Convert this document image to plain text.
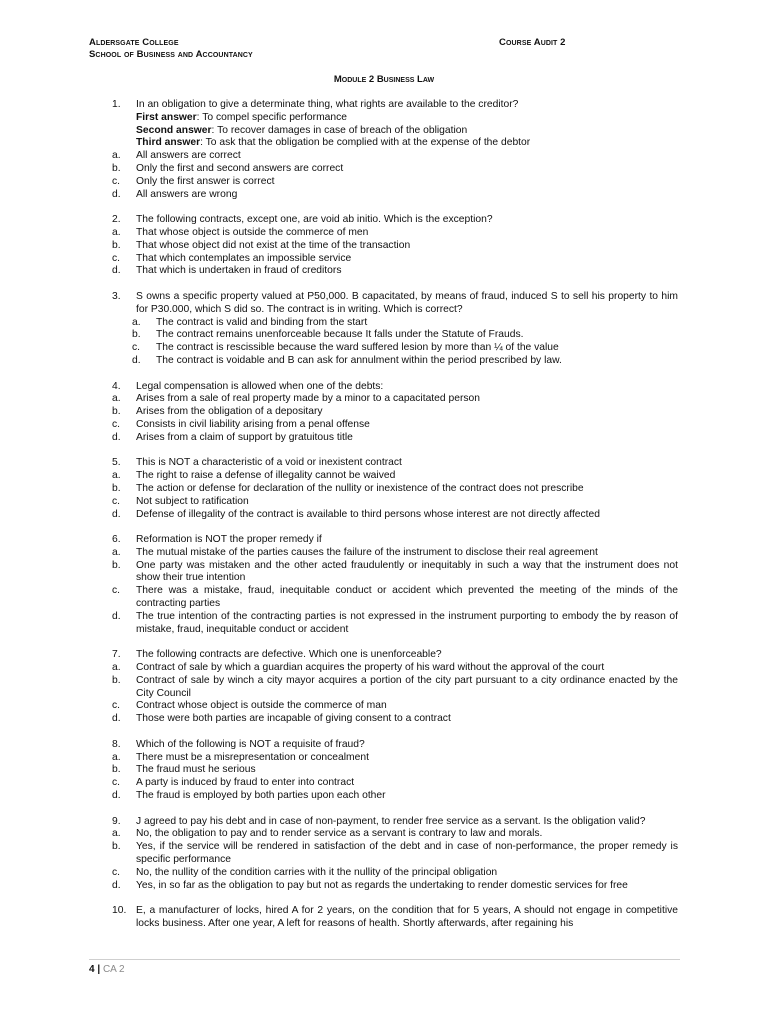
Aldersgate College
School of Business and Accountancy
Course Audit 2
Module 2 Business Law
1.	In an obligation to give a determinate thing, what rights are available to the creditor?
First answer: To compel specific performance
Second answer: To recover damages in case of breach of the obligation
Third answer: To ask that the obligation be complied with at the expense of the debtor
a.	All answers are correct
b.	Only the first and second answers are correct
c.	Only the first answer is correct
d.	All answers are wrong
2.	The following contracts, except one, are void ab initio. Which is the exception?
a.	That whose object is outside the commerce of men
b.	That whose object did not exist at the time of the transaction
c.	That which contemplates an impossible service
d.	That which is undertaken in fraud of creditors
3.	S owns a specific property valued at P50,000. B capacitated, by means of fraud, induced S to sell his property to him for P30.000, which S did so. The contract is in writing. Which is correct?
a.	The contract is valid and binding from the start
b.	The contract remains unenforceable because It falls under the Statute of Frauds.
c.	The contract is rescissible because the ward suffered lesion by more than ¼ of the value
d.	The contract is voidable and B can ask for annulment within the period prescribed by law.
4.	Legal compensation is allowed when one of the debts:
a.	Arises from a sale of real property made by a minor to a capacitated person
b.	Arises from the obligation of a depositary
c.	Consists in civil liability arising from a penal offense
d.	Arises from a claim of support by gratuitous title
5.	This is NOT a characteristic of a void or inexistent contract
a.	The right to raise a defense of illegality cannot be waived
b.	The action or defense for declaration of the nullity or inexistence of the contract does not prescribe
c.	Not subject to ratification
d.	Defense of illegality of the contract is available to third persons whose interest are not directly affected
6.	Reformation is NOT the proper remedy if
a.	The mutual mistake of the parties causes the failure of the instrument to disclose their real agreement
b.	One party was mistaken and the other acted fraudulently or inequitably in such a way that the instrument does not show their true intention
c.	There was a mistake, fraud, inequitable conduct or accident which prevented the meeting of the minds of the contracting parties
d.	The true intention of the contracting parties is not expressed in the instrument purporting to embody the by reason of mistake, fraud, inequitable conduct or accident
7.	The following contracts are defective. Which one is unenforceable?
a.	Contract of sale by which a guardian acquires the property of his ward without the approval of the court
b.	Contract of sale by winch a city mayor acquires a portion of the city part pursuant to a city ordinance enacted by the City Council
c.	Contract whose object is outside the commerce of man
d.	Those were both parties are incapable of giving consent to a contract
8.	Which of the following is NOT a requisite of fraud?
a.	There must be a misrepresentation or concealment
b.	The fraud must he serious
c.	A party is induced by fraud to enter into contract
d.	The fraud is employed by both parties upon each other
9.	J agreed to pay his debt and in case of non-payment, to render free service as a servant. Is the obligation valid?
a.	No, the obligation to pay and to render service as a servant is contrary to law and morals.
b.	Yes, if the service will be rendered in satisfaction of the debt and in case of non-performance, the proper remedy is specific performance
c.	No, the nullity of the condition carries with it the nullity of the principal obligation
d.	Yes, in so far as the obligation to pay but not as regards the undertaking to render domestic services for free
10. E, a manufacturer of locks, hired A for 2 years, on the condition that for 5 years, A should not engage in competitive locks business. After one year, A left for reasons of health. Shortly afterwards, after regaining his
4 | CA 2
